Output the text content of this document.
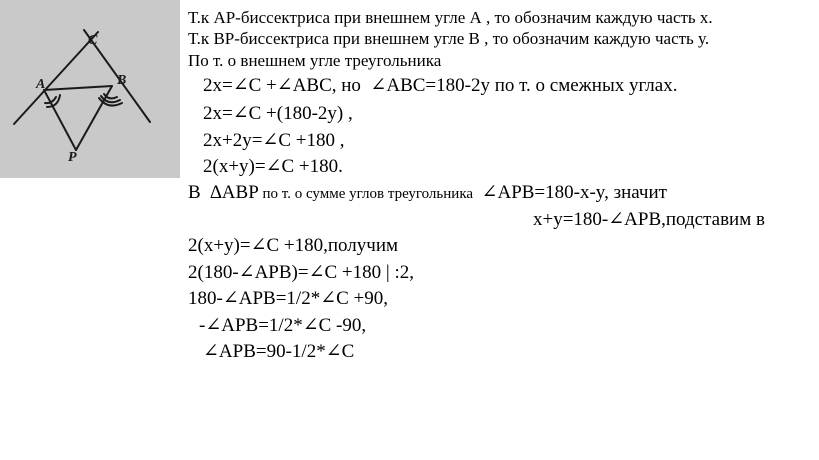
C
A	B
P
Т.к АР-биссектриса при внешнем угле А , то обозначим каждую часть х.
Т.к ВР-биссектриса при внешнем угле В , то обозначим каждую часть у.
По т. о внешнем угле треугольника
2x=∠C +∠ABC, но  ∠ABC=180-2y по т. о смежных углах.
2x=∠C +(180-2y) ,
2x+2y=∠C +180 ,
2(x+y)=∠C +180.
В  ∆ABP по т. о сумме углов треугольника  ∠APB=180-x-y, значит
x+y=180-∠APB,подставим в
2(x+y)=∠C +180,получим
2(180-∠APB)=∠C +180 | :2,
180-∠APB=1/2*∠C +90,
-∠APB=1/2*∠C -90,
∠APB=90-1/2*∠C
